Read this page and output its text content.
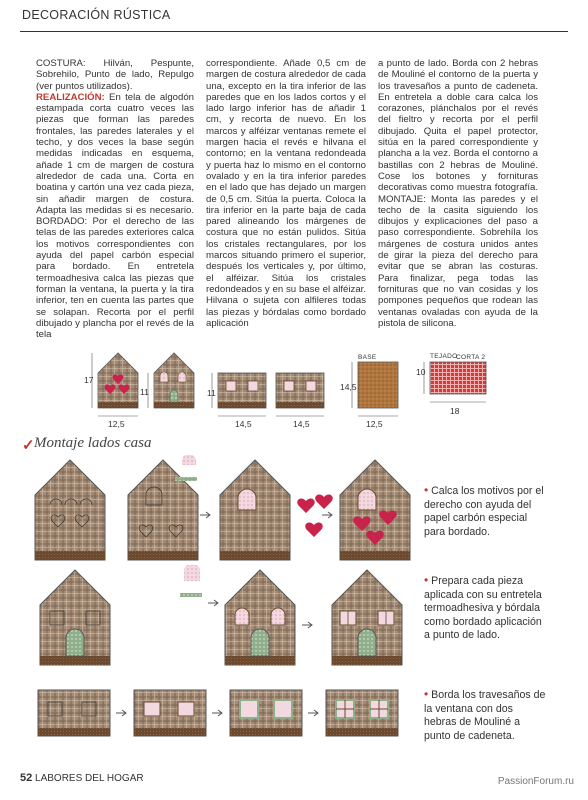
DECORACIÓN RÚSTICA
COSTURA: Hilván, Pespunte, Sobrehilo, Punto de lado, Repulgo (ver puntos utilizados).
REALIZACIÓN: En tela de algodón estampada corta cuatro veces las piezas que forman las paredes frontales, las paredes laterales y el techo, y dos veces la base según medidas indicadas en esquema, añade 1 cm de margen de costura alrededor de cada una. Corta en boatina y cartón una vez cada pieza, sin añadir margen de costura. Adapta las medidas si es necesario. BORDADO: Por el derecho de las telas de las paredes exteriores calca los motivos correspondientes con ayuda del papel carbón especial para bordado. En entretela termoadhesiva calca las piezas que forman la ventana, la puerta y la tira inferior, ten en cuenta las partes que se solapan. Recorta por el perfil dibujado y plancha por el revés de la tela
correspondiente. Añade 0,5 cm de margen de costura alrededor de cada una, excepto en la tira inferior de las paredes que en los lados cortos y el lado largo inferior has de añadir 1 cm, y recorta de nuevo. En los marcos y alféizar ventanas remete el margen hacia el revés e hilvana el contorno; en la ventana redondeada y puerta haz lo mismo en el contorno ovalado y en la tira inferior paredes en el lado que has dejado un margen de 0,5 cm. Sitúa la puerta. Coloca la tira inferior en la parte baja de cada pared alineando los márgenes de costura que no están pulidos. Sitúa los cristales rectangulares, por los marcos situando primero el superior, después los verticales y, por último, el alféizar. Sitúa los cristales redondeados y en su base el alféizar. Hilvana o sujeta con alfileres todas las piezas y bórdalas como bordado aplicación
a punto de lado. Borda con 2 hebras de Mouliné el contorno de la puerta y los travesaños a punto de cadeneta. En entretela a doble cara calca los corazones, plánchalos por el revés del fieltro y recorta por el perfil dibujado. Quita el papel protector, sitúa en la pared correspondiente y plancha a la vez. Borda el contorno a bastillas con 2 hebras de Mouliné. Cose los botones y fornituras decorativas como muestra fotografía. MONTAJE: Monta las paredes y el techo de la casita siguiendo los dibujos y explicaciones del paso a paso correspondiente. Sobrehíla los márgenes de costura unidos antes de girar la pieza del derecho para evitar que se abran las costuras. Para finalizar, pega todas las fornituras que no van cosidas y los pompones pequeños que rodean las ventanas ovaladas con ayuda de la pistola de silicona.
17
12,5
11	11
14,5	14,5
14,5
12,5
10
18
BASE	TEJADO
CORTA 2
✓ Montaje lados casa
• Calca los motivos por el derecho con ayuda del papel carbón especial para bordado.
• Prepara cada pieza aplicada con su entretela termoadhesiva y bórdala como bordado aplicación a punto de lado.
• Borda los travesaños de la ventana con dos hebras de Mouliné a punto de cadeneta.
52 LABORES DEL HOGAR	PassionForum.ru
